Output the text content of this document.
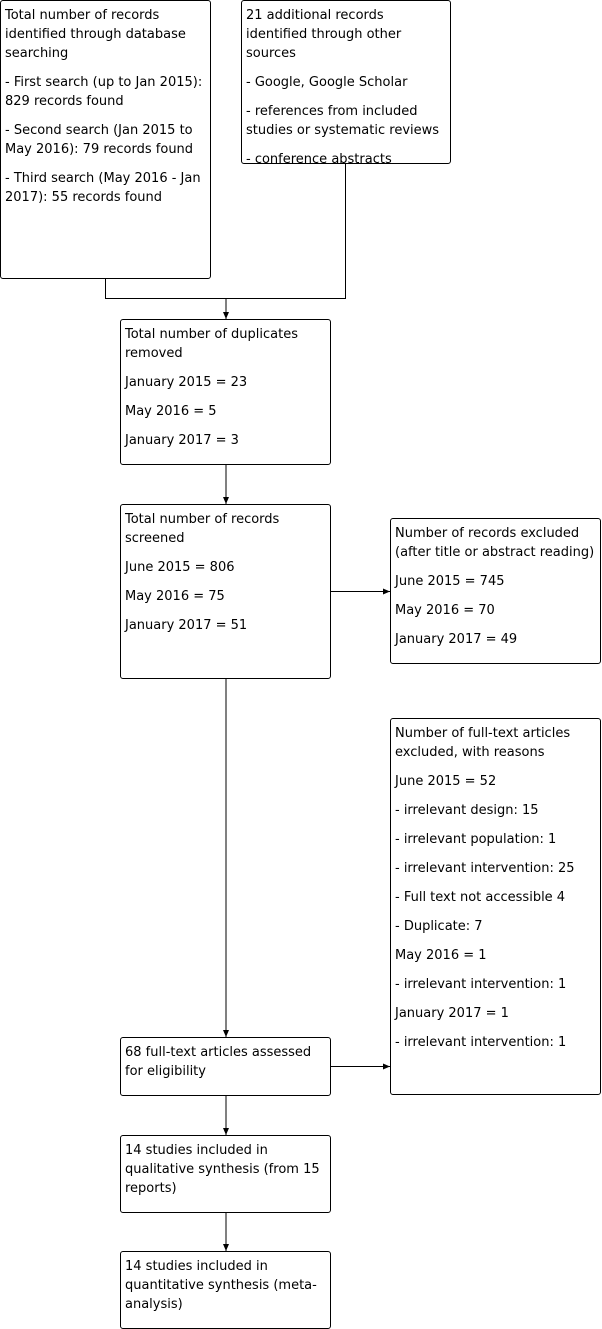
Total number of records identified through database searching

- First search (up to Jan 2015): 829 records found

- Second search (Jan 2015 to May 2016): 79 records found

- Third search (May 2016 - Jan 2017): 55 records found

21 additional records identified through other sources

- Google, Google Scholar

- references from included studies or systematic reviews

- conference abstracts

Total number of duplicates removed

January 2015 = 23

May 2016 = 5

January 2017 = 3

Total number of records screened

June 2015 = 806

May 2016 = 75

January 2017 = 51

Number of records excluded (after title or abstract reading)

June 2015 = 745

May 2016 = 70

January 2017 = 49

Number of full-text articles excluded, with reasons

June 2015 = 52

- irrelevant design: 15

- irrelevant population: 1

- irrelevant intervention: 25

- Full text not accessible 4

- Duplicate: 7

May 2016 = 1

- irrelevant intervention: 1

January 2017 = 1

- irrelevant intervention: 1

68 full-text articles assessed for eligibility

14 studies included in qualitative synthesis (from 15 reports)

14 studies included in quantitative synthesis (meta-analysis)
